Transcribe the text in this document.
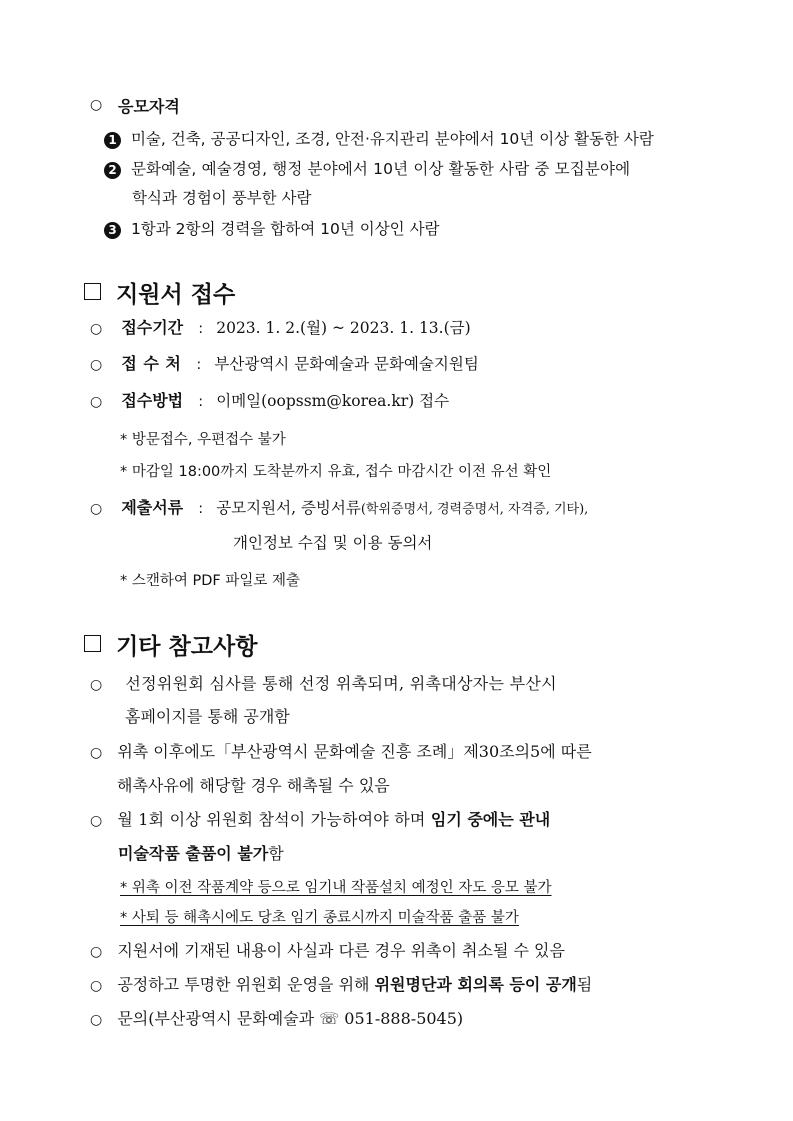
○ 응모자격
1 미술, 건축, 공공디자인, 조경, 안전·유지관리 분야에서 10년 이상 활동한 사람
2 문화예술, 예술경영, 행정 분야에서 10년 이상 활동한 사람 중 모집분야에
학식과 경험이 풍부한 사람
3 1항과 2항의 경력을 합하여 10년 이상인 사람
지원서 접수
○ 접수기간 : 2023. 1. 2.(월) ~ 2023. 1. 13.(금)
○ 접 수 처 : 부산광역시 문화예술과 문화예술지원팀
○ 접수방법 : 이메일(oopssm@korea.kr) 접수
* 방문접수, 우편접수 불가
* 마감일 18:00까지 도착분까지 유효, 접수 마감시간 이전 유선 확인
○ 제출서류 : 공모지원서, 증빙서류(학위증명서, 경력증명서, 자격증, 기타),
개인정보 수집 및 이용 동의서
* 스캔하여 PDF 파일로 제출
기타 참고사항
○ 선정위원회 심사를 통해 선정 위촉되며, 위촉대상자는 부산시
홈페이지를 통해 공개함
○ 위촉 이후에도「부산광역시 문화예술 진흥 조례」제30조의5에 따른
해촉사유에 해당할 경우 해촉될 수 있음
○ 월 1회 이상 위원회 참석이 가능하여야 하며 임기 중에는 관내
미술작품 출품이 불가함
* 위촉 이전 작품계약 등으로 임기내 작품설치 예정인 자도 응모 불가
* 사퇴 등 해촉시에도 당초 임기 종료시까지 미술작품 출품 불가
○ 지원서에 기재된 내용이 사실과 다른 경우 위촉이 취소될 수 있음
○ 공정하고 투명한 위원회 운영을 위해 위원명단과 회의록 등이 공개됨
○ 문의(부산광역시 문화예술과 ☏ 051-888-5045)
